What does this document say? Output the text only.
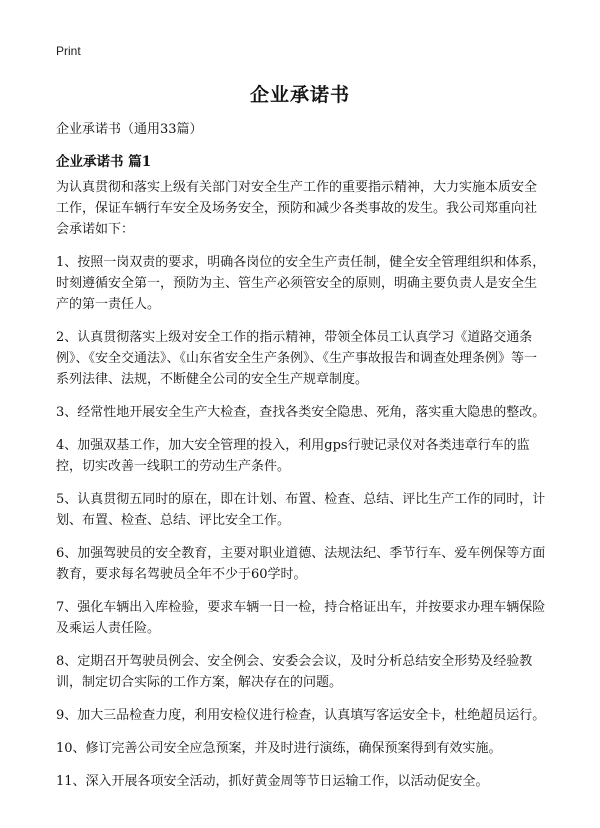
Print
企业承诺书
企业承诺书（通用33篇）
企业承诺书 篇1

为认真贯彻和落实上级有关部门对安全生产工作的重要指示精神，大力实施本质安全工作，保证车辆行车安全及场务安全，预防和减少各类事故的发生。我公司郑重向社会承诺如下：

1、按照一岗双责的要求，明确各岗位的安全生产责任制，健全安全管理组织和体系，时刻遵循安全第一，预防为主、管生产必须管安全的原则，明确主要负责人是安全生产的第一责任人。

2、认真贯彻落实上级对安全工作的指示精神，带领全体员工认真学习《道路交通条例》、《安全交通法》、《山东省安全生产条例》、《生产事故报告和调查处理条例》等一系列法律、法规，不断健全公司的安全生产规章制度。

3、经常性地开展安全生产大检查，查找各类安全隐患、死角，落实重大隐患的整改。

4、加强双基工作，加大安全管理的投入，利用gps行驶记录仪对各类违章行车的监控，切实改善一线职工的劳动生产条件。

5、认真贯彻五同时的原在，即在计划、布置、检查、总结、评比生产工作的同时，计划、布置、检查、总结、评比安全工作。

6、加强驾驶员的安全教育，主要对职业道德、法规法纪、季节行车、爱车例保等方面教育，要求每名驾驶员全年不少于60学时。

7、强化车辆出入库检验，要求车辆一日一检，持合格证出车，并按要求办理车辆保险及乘运人责任险。

8、定期召开驾驶员例会、安全例会、安委会会议，及时分析总结安全形势及经验教训，制定切合实际的工作方案，解决存在的问题。

9、加大三品检查力度，利用安检仪进行检查，认真填写客运安全卡，杜绝超员运行。

10、修订完善公司安全应急预案，并及时进行演练，确保预案得到有效实施。

11、深入开展各项安全活动，抓好黄金周等节日运输工作，以活动促安全。
